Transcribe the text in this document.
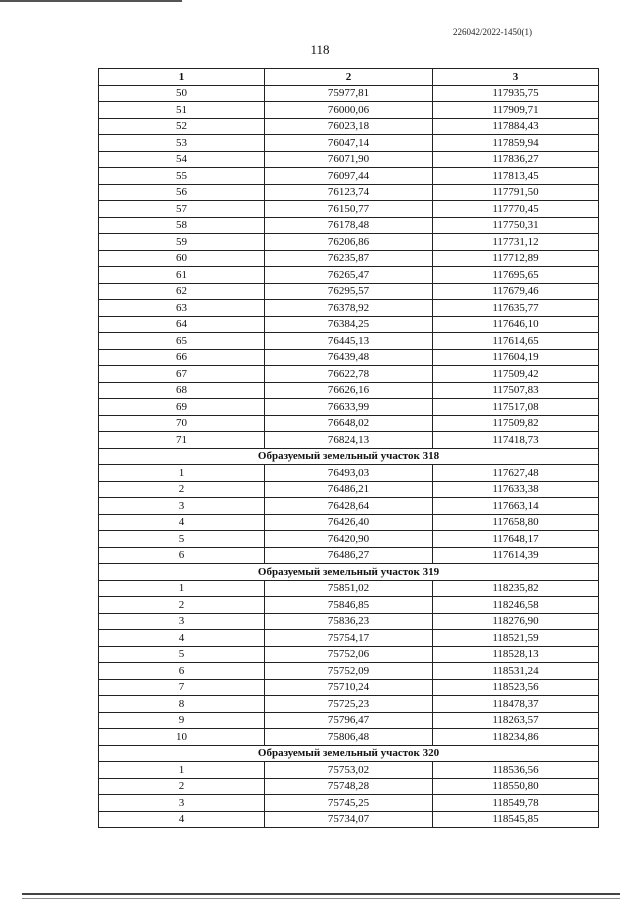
226042/2022-1450(1)
118
1	2	3
50	75977,81	117935,75
51	76000,06	117909,71
52	76023,18	117884,43
53	76047,14	117859,94
54	76071,90	117836,27
55	76097,44	117813,45
56	76123,74	117791,50
57	76150,77	117770,45
58	76178,48	117750,31
59	76206,86	117731,12
60	76235,87	117712,89
61	76265,47	117695,65
62	76295,57	117679,46
63	76378,92	117635,77
64	76384,25	117646,10
65	76445,13	117614,65
66	76439,48	117604,19
67	76622,78	117509,42
68	76626,16	117507,83
69	76633,99	117517,08
70	76648,02	117509,82
71	76824,13	117418,73
Образуемый земельный участок 318		
1	76493,03	117627,48
2	76486,21	117633,38
3	76428,64	117663,14
4	76426,40	117658,80
5	76420,90	117648,17
6	76486,27	117614,39
Образуемый земельный участок 319		
1	75851,02	118235,82
2	75846,85	118246,58
3	75836,23	118276,90
4	75754,17	118521,59
5	75752,06	118528,13
6	75752,09	118531,24
7	75710,24	118523,56
8	75725,23	118478,37
9	75796,47	118263,57
10	75806,48	118234,86
Образуемый земельный участок 320		
1	75753,02	118536,56
2	75748,28	118550,80
3	75745,25	118549,78
4	75734,07	118545,85
